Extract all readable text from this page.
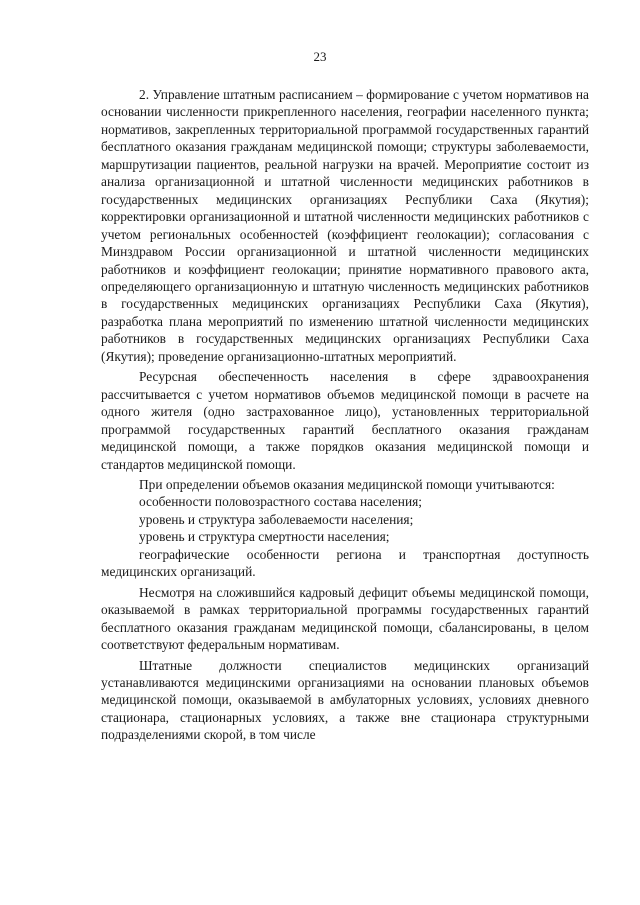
23

2. Управление штатным расписанием – формирование с учетом нормативов на основании численности прикрепленного населения, географии населенного пункта; нормативов, закрепленных территориальной программой государственных гарантий бесплатного оказания гражданам медицинской помощи; структуры заболеваемости, маршрутизации пациентов, реальной нагрузки на врачей. Мероприятие состоит из анализа организационной и штатной численности медицинских работников в государственных медицинских организациях Республики Саха (Якутия); корректировки организационной и штатной численности медицинских работников с учетом региональных особенностей (коэффициент геолокации); согласования с Минздравом России организационной и штатной численности медицинских работников и коэффициент геолокации; принятие нормативного правового акта, определяющего организационную и штатную численность медицинских работников в государственных медицинских организациях Республики Саха (Якутия), разработка плана мероприятий по изменению штатной численности медицинских работников в государственных медицинских организациях Республики Саха (Якутия); проведение организационно-штатных мероприятий.

Ресурсная обеспеченность населения в сфере здравоохранения рассчитывается с учетом нормативов объемов медицинской помощи в расчете на одного жителя (одно застрахованное лицо), установленных территориальной программой государственных гарантий бесплатного оказания гражданам медицинской помощи, а также порядков оказания медицинской помощи и стандартов медицинской помощи.

При определении объемов оказания медицинской помощи учитываются:

особенности половозрастного состава населения;

уровень и структура заболеваемости населения;

уровень и структура смертности населения;

географические особенности региона и транспортная доступность медицинских организаций.

Несмотря на сложившийся кадровый дефицит объемы медицинской помощи, оказываемой в рамках территориальной программы государственных гарантий бесплатного оказания гражданам медицинской помощи, сбалансированы, в целом соответствуют федеральным нормативам.

Штатные должности специалистов медицинских организаций устанавливаются медицинскими организациями на основании плановых объемов медицинской помощи, оказываемой в амбулаторных условиях, условиях дневного стационара, стационарных условиях, а также вне стационара структурными подразделениями скорой, в том числе
